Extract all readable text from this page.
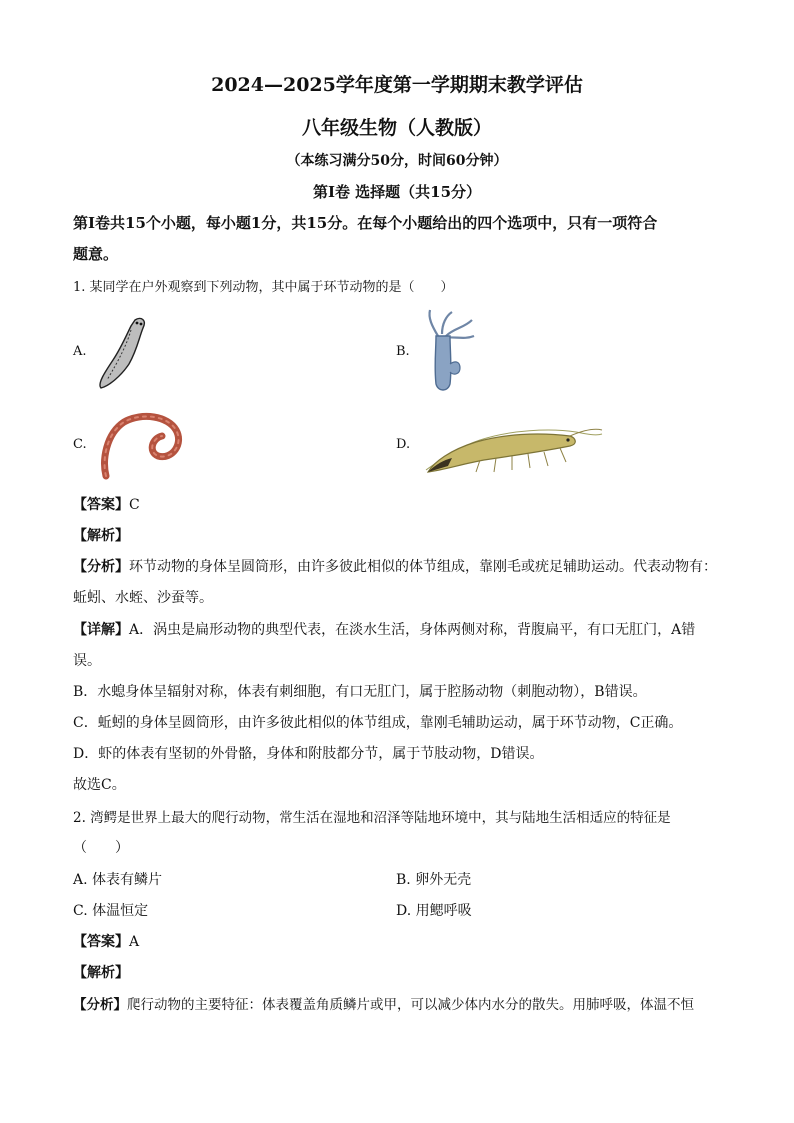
2024—2025学年度第一学期期末教学评估
八年级生物（人教版）
（本练习满分50分，时间60分钟）
第Ⅰ卷 选择题（共15分）
第Ⅰ卷共15个小题，每小题1分，共15分。在每个小题给出的四个选项中，只有一项符合
题意。
1. 某同学在户外观察到下列动物，其中属于环节动物的是（　　）
A.	B.
C.	D.
【答案】C
【解析】
【分析】环节动物的身体呈圆筒形，由许多彼此相似的体节组成，靠刚毛或疣足辅助运动。代表动物有：
蚯蚓、水蛭、沙蚕等。
【详解】A．涡虫是扁形动物的典型代表，在淡水生活，身体两侧对称，背腹扁平，有口无肛门，A错
误。
B．水螅身体呈辐射对称，体表有刺细胞，有口无肛门，属于腔肠动物（刺胞动物），B错误。
C．蚯蚓的身体呈圆筒形，由许多彼此相似的体节组成，靠刚毛辅助运动，属于环节动物，C正确。
D．虾的体表有坚韧的外骨骼，身体和附肢都分节，属于节肢动物，D错误。
故选C。
2. 湾鳄是世界上最大的爬行动物，常生活在湿地和沼泽等陆地环境中，其与陆地生活相适应的特征是
（　　）
A. 体表有鳞片	B. 卵外无壳
C. 体温恒定	D. 用鳃呼吸
【答案】A
【解析】
【分析】爬行动物的主要特征：体表覆盖角质鳞片或甲，可以减少体内水分的散失。用肺呼吸，体温不恒
